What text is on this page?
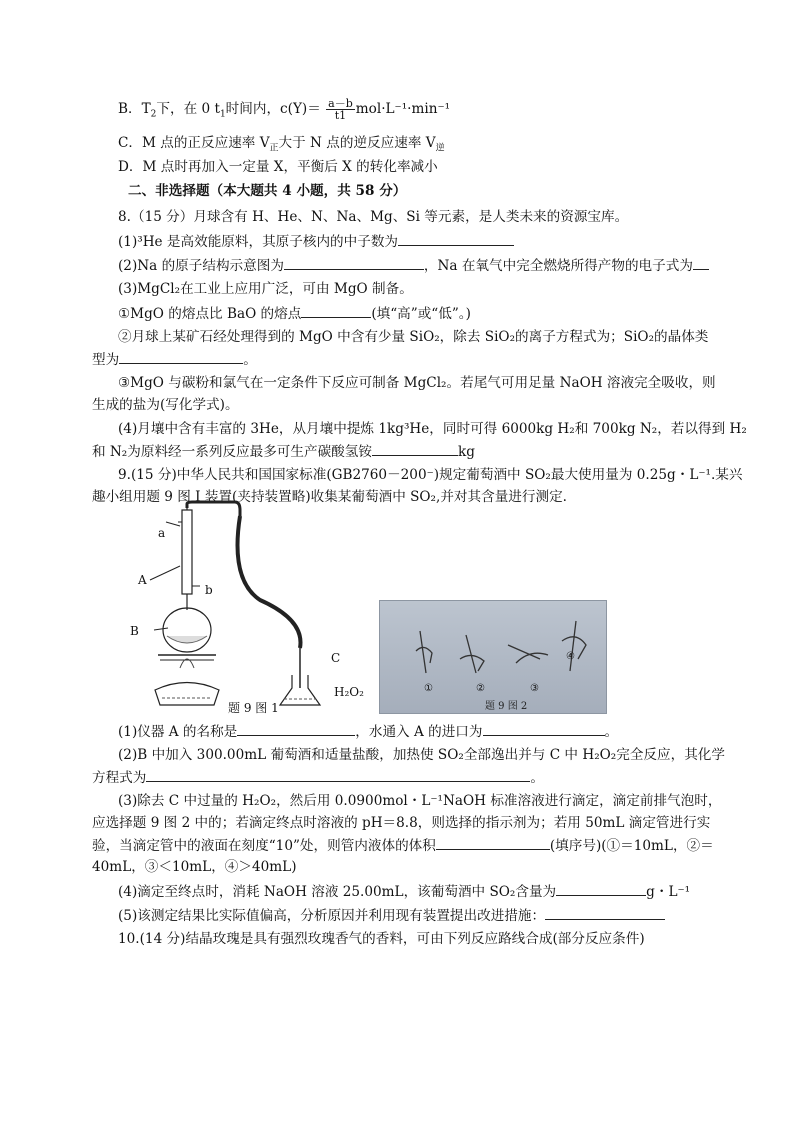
B．$T_2$下，在 0 $t_1$时间内，$c(Y)= \frac{a-b}{t1} mol\cdot L^{-1}\cdot\min^{-1}$
C．M 点的正反应速率 $V_正$大于 N 点的逆反应速率 $V_逆$
D．M 点时再加入一定量 X，平衡后 X 的转化率减小
二、非选择题（本大题共 4 小题，共 58 分）
8.（15 分）月球含有 H、He、N、Na、Mg、Si 等元素，是人类未来的资源宝库。
(1)³He 是高效能原料，其原子核内的中子数为
(2)Na 的原子结构示意图为	，Na 在氧气中完全燃烧所得产物的电子式为
(3)MgCl₂在工业上应用广泛，可由 MgO 制备。
①MgO 的熔点比 BaO 的熔点	(填“高”或“低”。)
②月球上某矿石经处理得到的 MgO 中含有少量 SiO₂，除去 SiO₂的离子方程式为；SiO₂的晶体类
型为	。
③MgO 与碳粉和氯气在一定条件下反应可制备 MgCl₂。若尾气可用足量 NaOH 溶液完全吸收，则
生成的盐为(写化学式)。
(4)月壤中含有丰富的 3He，从月壤中提炼 1kg³He，同时可得 6000kg H₂和 700kg N₂，若以得到 H₂
和 N₂为原料经一系列反应最多可生产碳酸氢铵	kg
9.(15 分)中华人民共和国国家标准(GB2760－200⁻)规定葡萄酒中 SO₂最大使用量为 0.25g・L⁻¹.某兴
趣小组用题 9 图 I 装置(夹持装置略)收集某葡萄酒中 SO₂,并对其含量进行测定.
a
A
b
B
C
H₂O₂
题 9 图 1
①	②	③
④
题 9 图 2
(1)仪器 A 的名称是	，水通入 A 的进口为	。
(2)B 中加入 300.00mL 葡萄酒和适量盐酸，加热使 SO₂全部逸出并与 C 中 H₂O₂完全反应，其化学
方程式为	。
(3)除去 C 中过量的 H₂O₂，然后用 0.0900mol・L⁻¹NaOH 标准溶液进行滴定，滴定前排气泡时，
应选择题 9 图 2 中的；若滴定终点时溶液的 pH＝8.8，则选择的指示剂为；若用 50mL 滴定管进行实
验，当滴定管中的液面在刻度“10”处，则管内液体的体积	(填序号)(①＝10mL，②＝
40mL，③＜10mL，④＞40mL)
(4)滴定至终点时，消耗 NaOH 溶液 25.00mL，该葡萄酒中 SO₂含量为	g・L⁻¹
(5)该测定结果比实际值偏高，分析原因并利用现有装置提出改进措施：
10.(14 分)结晶玫瑰是具有强烈玫瑰香气的香料，可由下列反应路线合成(部分反应条件)
